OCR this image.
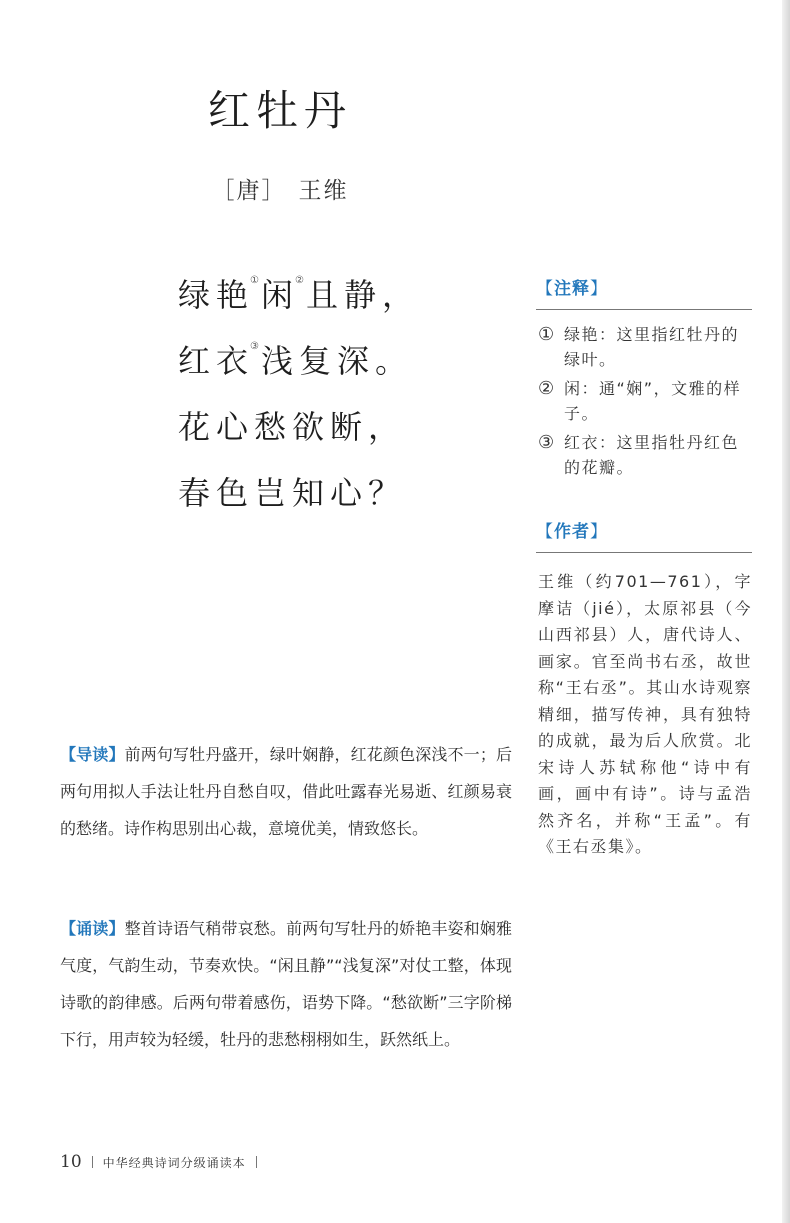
红牡丹
［唐］ 王维
绿艳①闲②且静，
红衣③浅复深。
花心愁欲断，
春色岂知心？
【注释】
① 绿艳：这里指红牡丹的绿叶。
② 闲：通“娴”，文雅的样子。
③ 红衣：这里指牡丹红色的花瓣。
【作者】
王维（约701—761），字摩诘（jié），太原祁县（今山西祁县）人，唐代诗人、画家。官至尚书右丞，故世称“王右丞”。其山水诗观察精细，描写传神，具有独特的成就，最为后人欣赏。北宋诗人苏轼称他“诗中有画，画中有诗”。诗与孟浩然齐名，并称“王孟”。有《王右丞集》。
【导读】前两句写牡丹盛开，绿叶娴静，红花颜色深浅不一；后两句用拟人手法让牡丹自愁自叹，借此吐露春光易逝、红颜易衰的愁绪。诗作构思别出心裁，意境优美，情致悠长。
【诵读】整首诗语气稍带哀愁。前两句写牡丹的娇艳丰姿和娴雅气度，气韵生动，节奏欢快。“闲且静”“浅复深”对仗工整，体现诗歌的韵律感。后两句带着感伤，语势下降。“愁欲断”三字阶梯下行，用声较为轻缓，牡丹的悲愁栩栩如生，跃然纸上。
10 中华经典诗词分级诵读本
